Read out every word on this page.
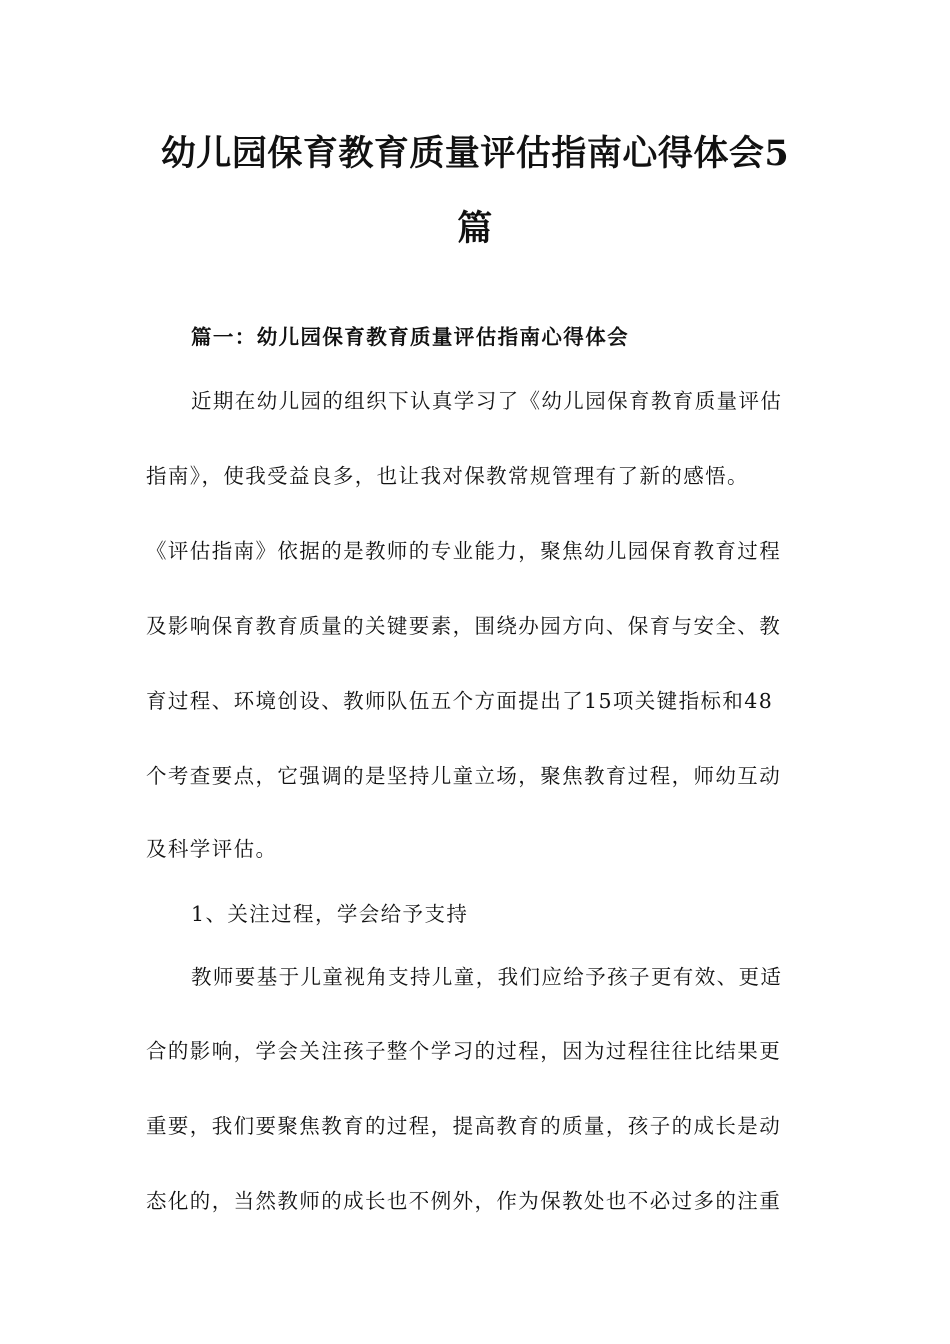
幼儿园保育教育质量评估指南心得体会5
篇
篇一：幼儿园保育教育质量评估指南心得体会
近期在幼儿园的组织下认真学习了《幼儿园保育教育质量评估
指南》，使我受益良多，也让我对保教常规管理有了新的感悟。
《评估指南》依据的是教师的专业能力，聚焦幼儿园保育教育过程
及影响保育教育质量的关键要素，围绕办园方向、保育与安全、教
育过程、环境创设、教师队伍五个方面提出了15项关键指标和48
个考查要点，它强调的是坚持儿童立场，聚焦教育过程，师幼互动
及科学评估。
1、关注过程，学会给予支持
教师要基于儿童视角支持儿童，我们应给予孩子更有效、更适
合的影响，学会关注孩子整个学习的过程，因为过程往往比结果更
重要，我们要聚焦教育的过程，提高教育的质量，孩子的成长是动
态化的，当然教师的成长也不例外，作为保教处也不必过多的注重
